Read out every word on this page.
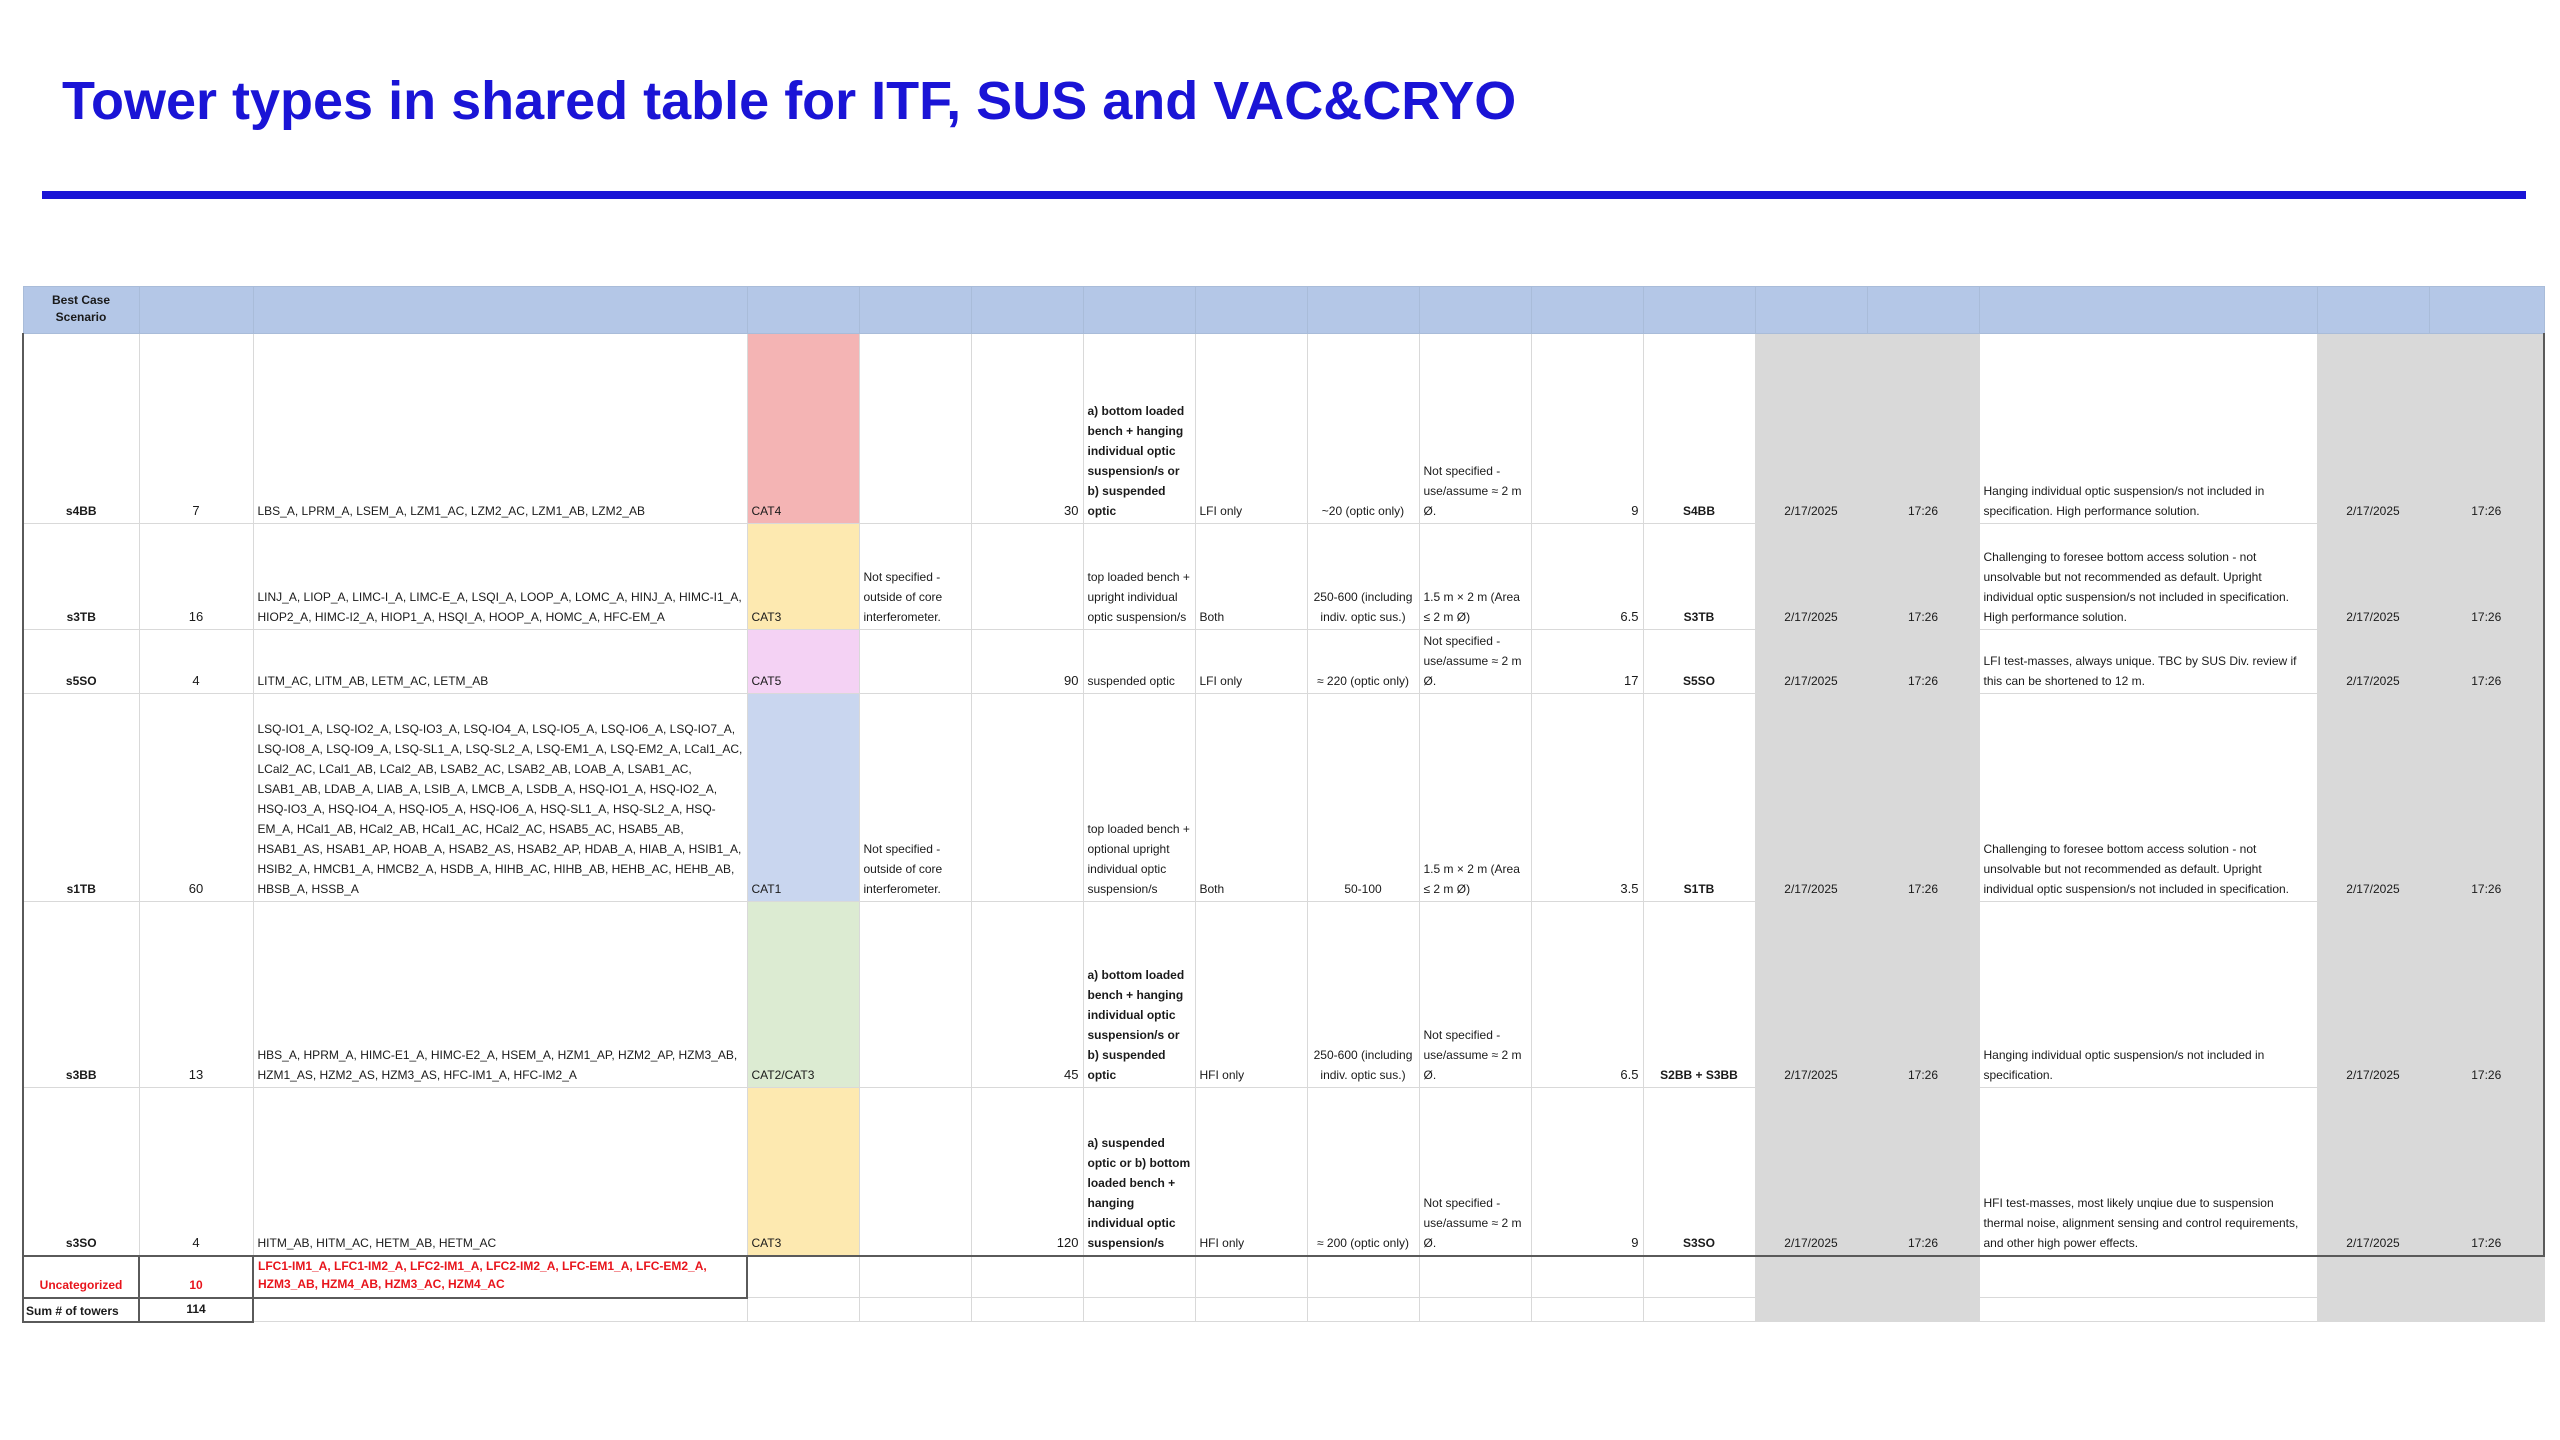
Tower types in shared table for ITF, SUS and VAC&CRYO
Best Case Scenario																

s4BB	7	LBS_A, LPRM_A, LSEM_A, LZM1_AC, LZM2_AC, LZM1_AB, LZM2_AB	CAT4		30	a) bottom loaded bench + hanging individual optic suspension/s or b) suspended optic	LFI only	~20 (optic only)	Not specified - use/assume ≈ 2 m Ø.	9	S4BB	2/17/2025	17:26	Hanging individual optic suspension/s not included in specification. High performance solution.	2/17/2025	17:26
s3TB	16	LINJ_A, LIOP_A, LIMC-I_A, LIMC-E_A, LSQI_A, LOOP_A, LOMC_A, HINJ_A, HIMC-I1_A, HIOP2_A, HIMC-I2_A, HIOP1_A, HSQI_A, HOOP_A, HOMC_A, HFC-EM_A	CAT3	Not specified - outside of core interferometer.		top loaded bench + upright individual optic suspension/s	Both	250-600 (including indiv. optic sus.)	1.5 m × 2 m (Area ≤ 2 m Ø)	6.5	S3TB	2/17/2025	17:26	Challenging to foresee bottom access solution - not unsolvable but not recommended as default. Upright individual optic suspension/s not included in specification. High performance solution.	2/17/2025	17:26
s5SO	4	LITM_AC, LITM_AB, LETM_AC, LETM_AB	CAT5		90	suspended optic	LFI only	≈ 220 (optic only)	Not specified - use/assume ≈ 2 m Ø.	17	S5SO	2/17/2025	17:26	LFI test-masses, always unique. TBC by SUS Div. review if this can be shortened to 12 m.	2/17/2025	17:26
s1TB	60	LSQ-IO1_A, LSQ-IO2_A, LSQ-IO3_A, LSQ-IO4_A, LSQ-IO5_A, LSQ-IO6_A, LSQ-IO7_A, LSQ-IO8_A, LSQ-IO9_A, LSQ-SL1_A, LSQ-SL2_A, LSQ-EM1_A, LSQ-EM2_A, LCal1_AC, LCal2_AC, LCal1_AB, LCal2_AB, LSAB2_AC, LSAB2_AB, LOAB_A, LSAB1_AC, LSAB1_AB, LDAB_A, LIAB_A, LSIB_A, LMCB_A, LSDB_A, HSQ-IO1_A, HSQ-IO2_A, HSQ-IO3_A, HSQ-IO4_A, HSQ-IO5_A, HSQ-IO6_A, HSQ-SL1_A, HSQ-SL2_A, HSQ-EM_A, HCal1_AB, HCal2_AB, HCal1_AC, HCal2_AC, HSAB5_AC, HSAB5_AB, HSAB1_AS, HSAB1_AP, HOAB_A, HSAB2_AS, HSAB2_AP, HDAB_A, HIAB_A, HSIB1_A, HSIB2_A, HMCB1_A, HMCB2_A, HSDB_A, HIHB_AC, HIHB_AB, HEHB_AC, HEHB_AB, HBSB_A, HSSB_A	CAT1	Not specified - outside of core interferometer.		top loaded bench + optional upright individual optic suspension/s	Both	50-100	1.5 m × 2 m (Area ≤ 2 m Ø)	3.5	S1TB	2/17/2025	17:26	Challenging to foresee bottom access solution - not unsolvable but not recommended as default. Upright individual optic suspension/s not included in specification.	2/17/2025	17:26
s3BB	13	HBS_A, HPRM_A, HIMC-E1_A, HIMC-E2_A, HSEM_A, HZM1_AP, HZM2_AP, HZM3_AB, HZM1_AS, HZM2_AS, HZM3_AS, HFC-IM1_A, HFC-IM2_A	CAT2/CAT3		45	a) bottom loaded bench + hanging individual optic suspension/s or b) suspended optic	HFI only	250-600 (including indiv. optic sus.)	Not specified - use/assume ≈ 2 m Ø.	6.5	S2BB + S3BB	2/17/2025	17:26	Hanging individual optic suspension/s not included in specification.	2/17/2025	17:26
s3SO	4	HITM_AB, HITM_AC, HETM_AB, HETM_AC	CAT3		120	a) suspended optic or b) bottom loaded bench + hanging individual optic suspension/s	HFI only	≈ 200 (optic only)	Not specified - use/assume ≈ 2 m Ø.	9	S3SO	2/17/2025	17:26	HFI test-masses, most likely unqiue due to suspension thermal noise, alignment sensing and control requirements, and other high power effects.	2/17/2025	17:26
Uncategorized	10	LFC1-IM1_A, LFC1-IM2_A, LFC2-IM1_A, LFC2-IM2_A, LFC-EM1_A, LFC-EM2_A, HZM3_AB, HZM4_AB, HZM3_AC, HZM4_AC														
Sum # of towers	114															
